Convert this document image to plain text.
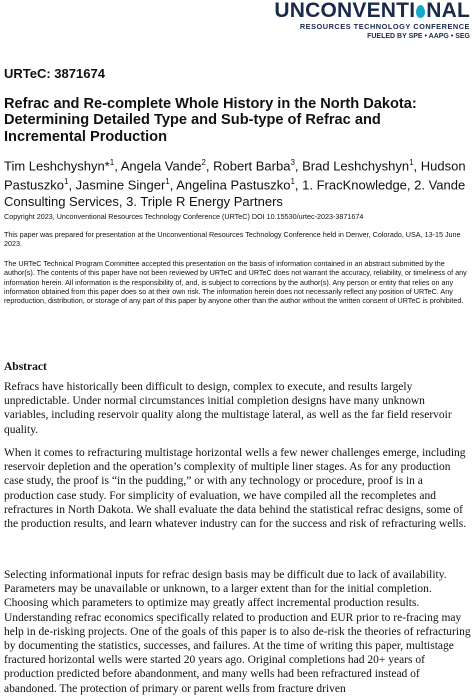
UNCONVENTI NAL
RESOURCES TECHNOLOGY CONFERENCE
FUELED BY SPE • AAPG • SEG
URTeC: 3871674
Refrac and Re-complete Whole History in the North Dakota: Determining Detailed Type and Sub-type of Refrac and Incremental Production
Tim Leshchyshyn*$^1$, Angela Vande$^2$, Robert Barba$^3$, Brad Leshchyshyn$^1$, Hudson Pastuszko$^1$, Jasmine Singer$^1$, Angelina Pastuszko$^1$, 1. FracKnowledge, 2. Vande Consulting Services, 3. Triple R Energy Partners
Copyright 2023, Unconventional Resources Technology Conference (URTeC) DOI 10.15530/urtec-2023-3871674
This paper was prepared for presentation at the Unconventional Resources Technology Conference held in Denver, Colorado, USA, 13-15 June 2023.
The URTeC Technical Program Committee accepted this presentation on the basis of information contained in an abstract submitted by the author(s). The contents of this paper have not been reviewed by URTeC and URTeC does not warrant the accuracy, reliability, or timeliness of any information herein. All information is the responsibility of, and, is subject to corrections by the author(s). Any person or entity that relies on any information obtained from this paper does so at their own risk. The information herein does not necessarily reflect any position of URTeC. Any reproduction, distribution, or storage of any part of this paper by anyone other than the author without the written consent of URTeC is prohibited.
Abstract
Refracs have historically been difficult to design, complex to execute, and results largely unpredictable. Under normal circumstances initial completion designs have many unknown variables, including reservoir quality along the multistage lateral, as well as the far field reservoir quality.
When it comes to refracturing multistage horizontal wells a few newer challenges emerge, including reservoir depletion and the operation’s complexity of multiple liner stages. As for any production case study, the proof is “in the pudding,” or with any technology or procedure, proof is in a production case study. For simplicity of evaluation, we have compiled all the recompletes and refractures in North Dakota. We shall evaluate the data behind the statistical refrac designs, some of the production results, and learn whatever industry can for the success and risk of refracturing wells.
Selecting informational inputs for refrac design basis may be difficult due to lack of availability. Parameters may be unavailable or unknown, to a larger extent than for the initial completion. Choosing which parameters to optimize may greatly affect incremental production results. Understanding refrac economics specifically related to production and EUR prior to re-fracing may help in de-risking projects. One of the goals of this paper is to also de-risk the theories of refracturing by documenting the statistics, successes, and failures. At the time of writing this paper, multistage fractured horizontal wells were started 20 years ago. Original completions had 20+ years of production predicted before abandonment, and many wells had been refractured instead of abandoned. The protection of primary or parent wells from fracture driven
